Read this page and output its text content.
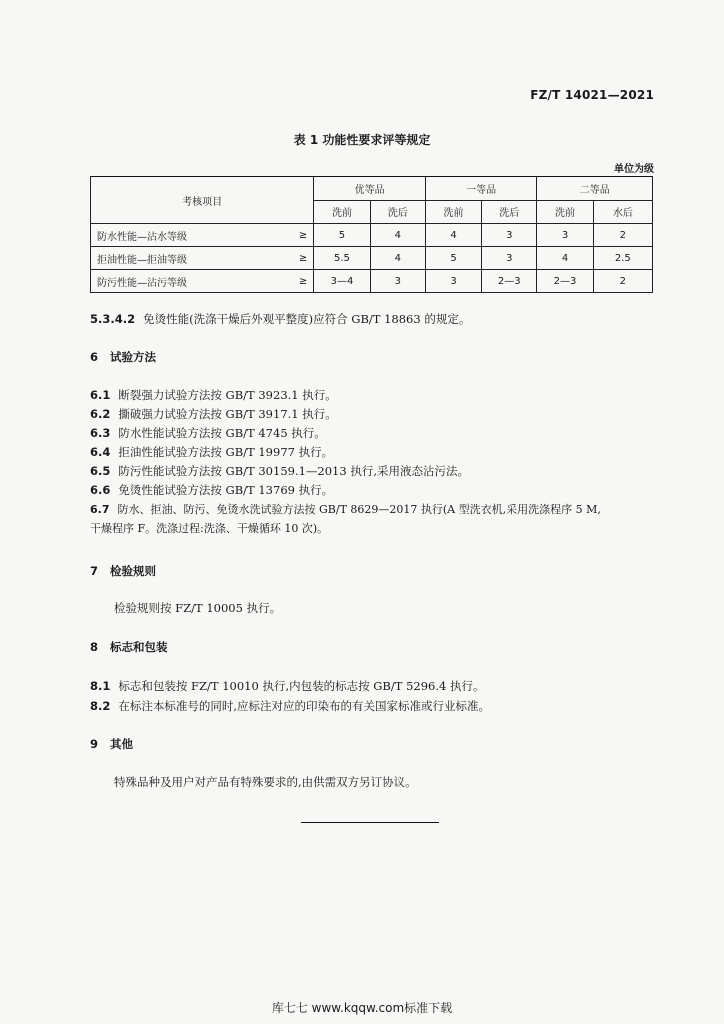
FZ/T 14021—2021
表 1 功能性要求评等规定
单位为级
考核项目		优等品		一等品		二等品	
		洗前	洗后	洗前	洗后	洗前	水后
防水性能—沾水等级	≥	5	4	4	3	3	2
拒油性能—拒油等级	≥	5.5	4	5	3	4	2.5
防污性能—沾污等级	≥	3—4	3	3	2—3	2—3	2
5.3.4.2 免烫性能(洗涤干燥后外观平整度)应符合 GB/T 18863 的规定。
6 试验方法
6.1 断裂强力试验方法按 GB/T 3923.1 执行。
6.2 撕破强力试验方法按 GB/T 3917.1 执行。
6.3 防水性能试验方法按 GB/T 4745 执行。
6.4 拒油性能试验方法按 GB/T 19977 执行。
6.5 防污性能试验方法按 GB/T 30159.1—2013 执行,采用液态沾污法。
6.6 免烫性能试验方法按 GB/T 13769 执行。
6.7 防水、拒油、防污、免烫水洗试验方法按 GB/T 8629—2017 执行(A 型洗衣机,采用洗涤程序 5 M,
干燥程序 F。洗涤过程:洗涤、干燥循环 10 次)。
7 检验规则
检验规则按 FZ/T 10005 执行。
8 标志和包装
8.1 标志和包装按 FZ/T 10010 执行,内包装的标志按 GB/T 5296.4 执行。
8.2 在标注本标准号的同时,应标注对应的印染布的有关国家标准或行业标准。
9 其他
特殊品种及用户对产品有特殊要求的,由供需双方另订协议。
库七七 www.kqqw.com标准下载
